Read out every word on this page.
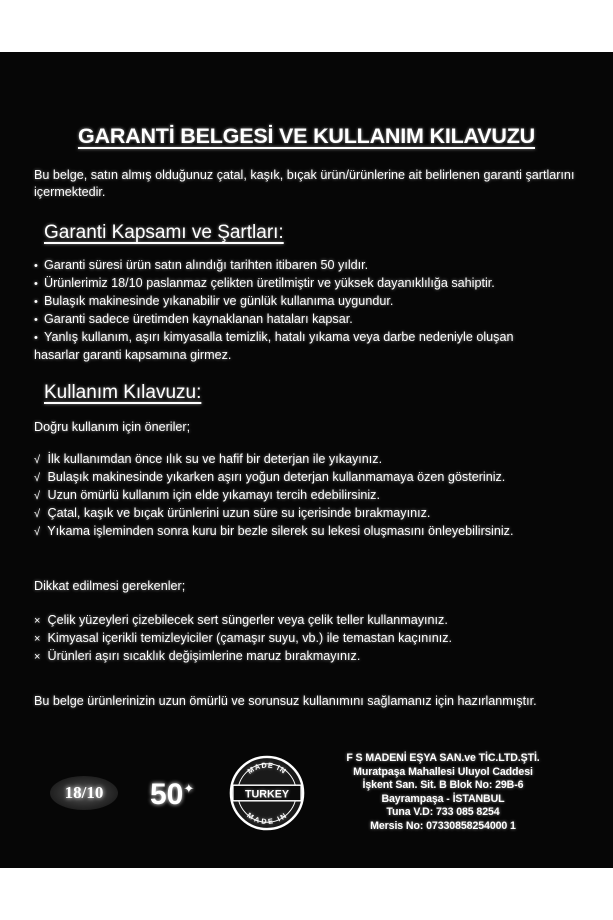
GARANTİ BELGESİ VE KULLANIM KILAVUZU
Bu belge, satın almış olduğunuz çatal, kaşık, bıçak ürün/ürünlerine ait belirlenen garanti şartlarını içermektedir.
Garanti Kapsamı ve Şartları:
• Garanti süresi ürün satın alındığı tarihten itibaren 50 yıldır.
• Ürünlerimiz 18/10 paslanmaz çelikten üretilmiştir ve yüksek dayanıklılığa sahiptir.
• Bulaşık makinesinde yıkanabilir ve günlük kullanıma uygundur.
• Garanti sadece üretimden kaynaklanan hataları kapsar.
• Yanlış kullanım, aşırı kimyasalla temizlik, hatalı yıkama veya darbe nedeniyle oluşan hasarlar garanti kapsamına girmez.
Kullanım Kılavuzu:
Doğru kullanım için öneriler;
√ İlk kullanımdan önce ılık su ve hafif bir deterjan ile yıkayınız.
√ Bulaşık makinesinde yıkarken aşırı yoğun deterjan kullanmamaya özen gösteriniz.
√ Uzun ömürlü kullanım için elde yıkamayı tercih edebilirsiniz.
√ Çatal, kaşık ve bıçak ürünlerini uzun süre su içerisinde bırakmayınız.
√ Yıkama işleminden sonra kuru bir bezle silerek su lekesi oluşmasını önleyebilirsiniz.
Dikkat edilmesi gerekenler;
× Çelik yüzeyleri çizebilecek sert süngerler veya çelik teller kullanmayınız.
× Kimyasal içerikli temizleyiciler (çamaşır suyu, vb.) ile temastan kaçınınız.
× Ürünleri aşırı sıcaklık değişimlerine maruz bırakmayınız.
Bu belge ürünlerinizin uzun ömürlü ve sorunsuz kullanımını sağlamanız için hazırlanmıştır.
18/10	50 ✦
MADE IN
TURKEY
MADE IN
F S MADENİ EŞYA SAN.ve TİC.LTD.ŞTİ.
Muratpaşa Mahallesi Uluyol Caddesi
İşkent San. Sit. B Blok No: 29B-6
Bayrampaşa - İSTANBUL
Tuna V.D: 733 085 8254
Mersis No: 07330858254000 1
